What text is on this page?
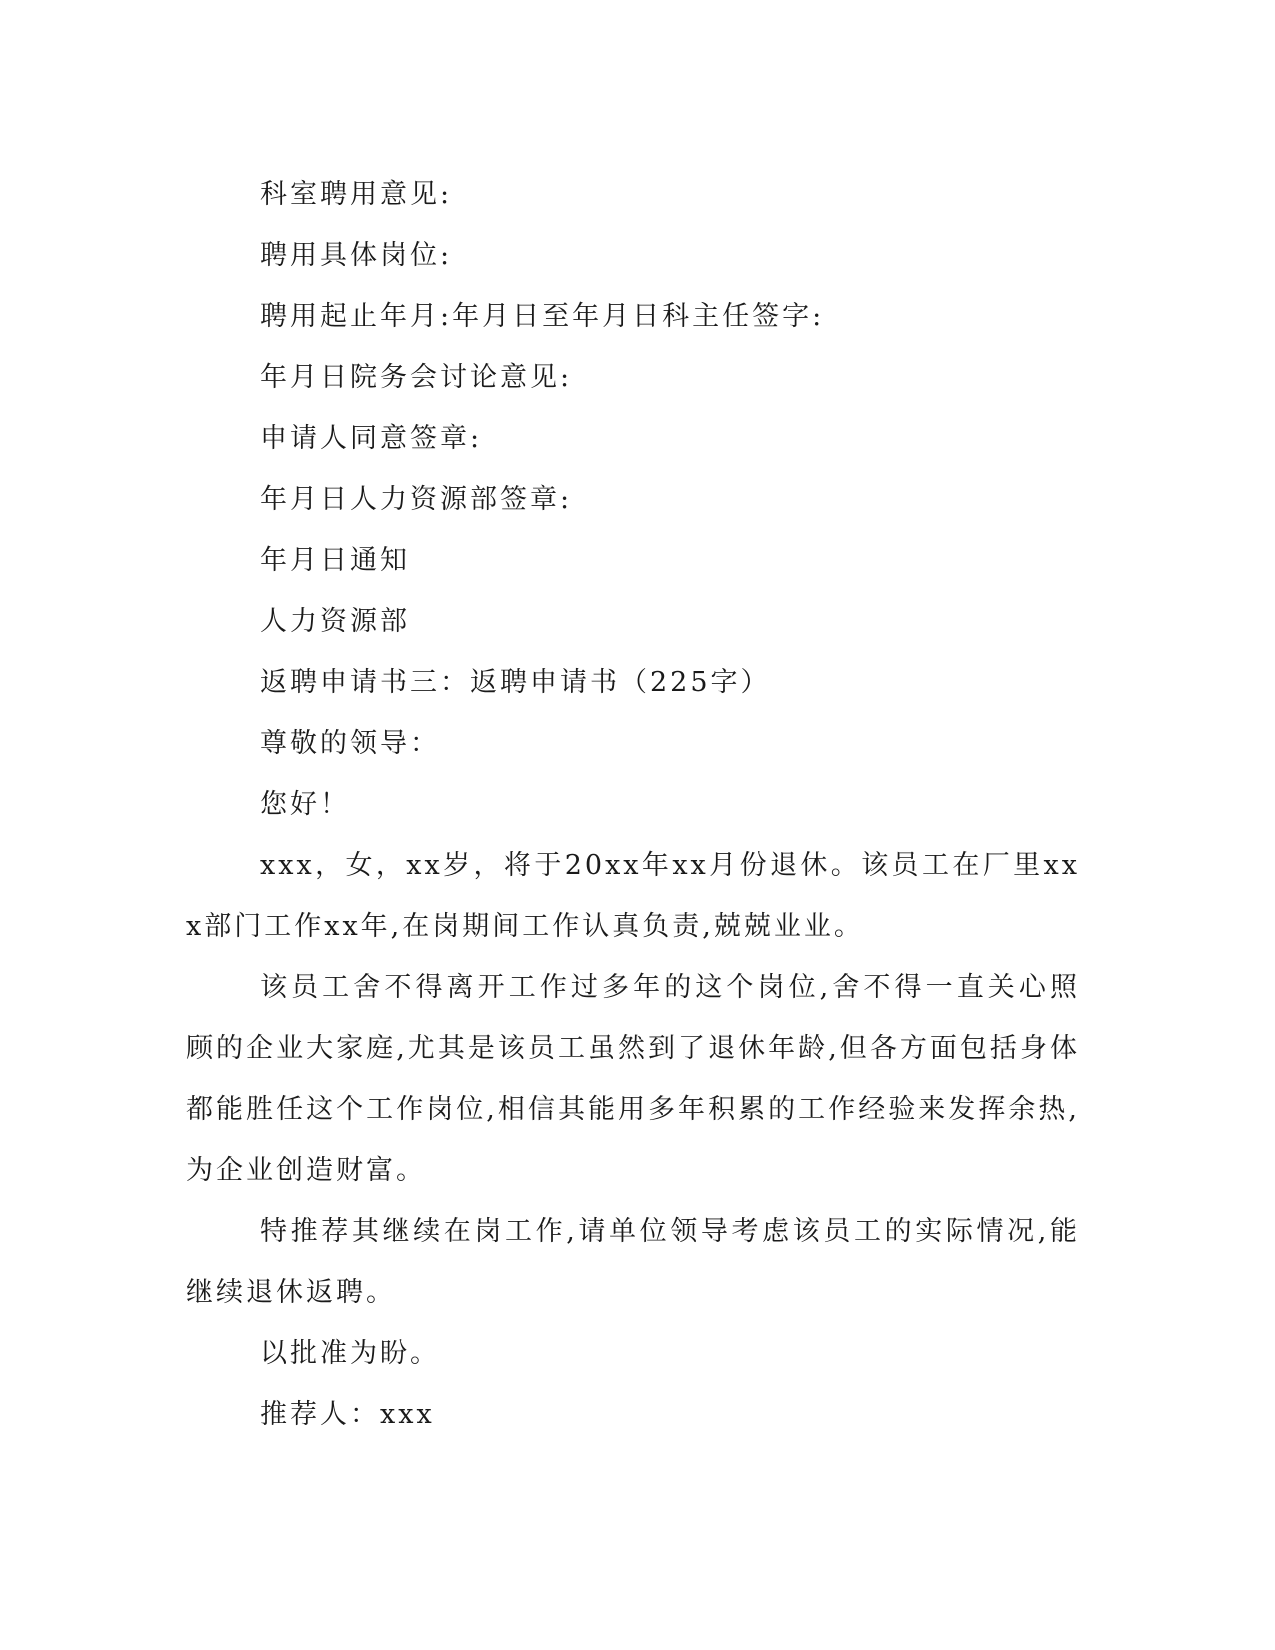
科室聘用意见:

聘用具体岗位:

聘用起止年月:年月日至年月日科主任签字:

年月日院务会讨论意见:

申请人同意签章:

年月日人力资源部签章:

年月日通知

人力资源部

返聘申请书三：返聘申请书（225字）

尊敬的领导：

您好！

xxx，女，xx岁，将于20xx年xx月份退休。该员工在厂里xxx部门工作xx年,在岗期间工作认真负责,兢兢业业。

该员工舍不得离开工作过多年的这个岗位,舍不得一直关心照顾的企业大家庭,尤其是该员工虽然到了退休年龄,但各方面包括身体都能胜任这个工作岗位,相信其能用多年积累的工作经验来发挥余热,为企业创造财富。

特推荐其继续在岗工作,请单位领导考虑该员工的实际情况,能继续退休返聘。

以批准为盼。

推荐人：xxx
